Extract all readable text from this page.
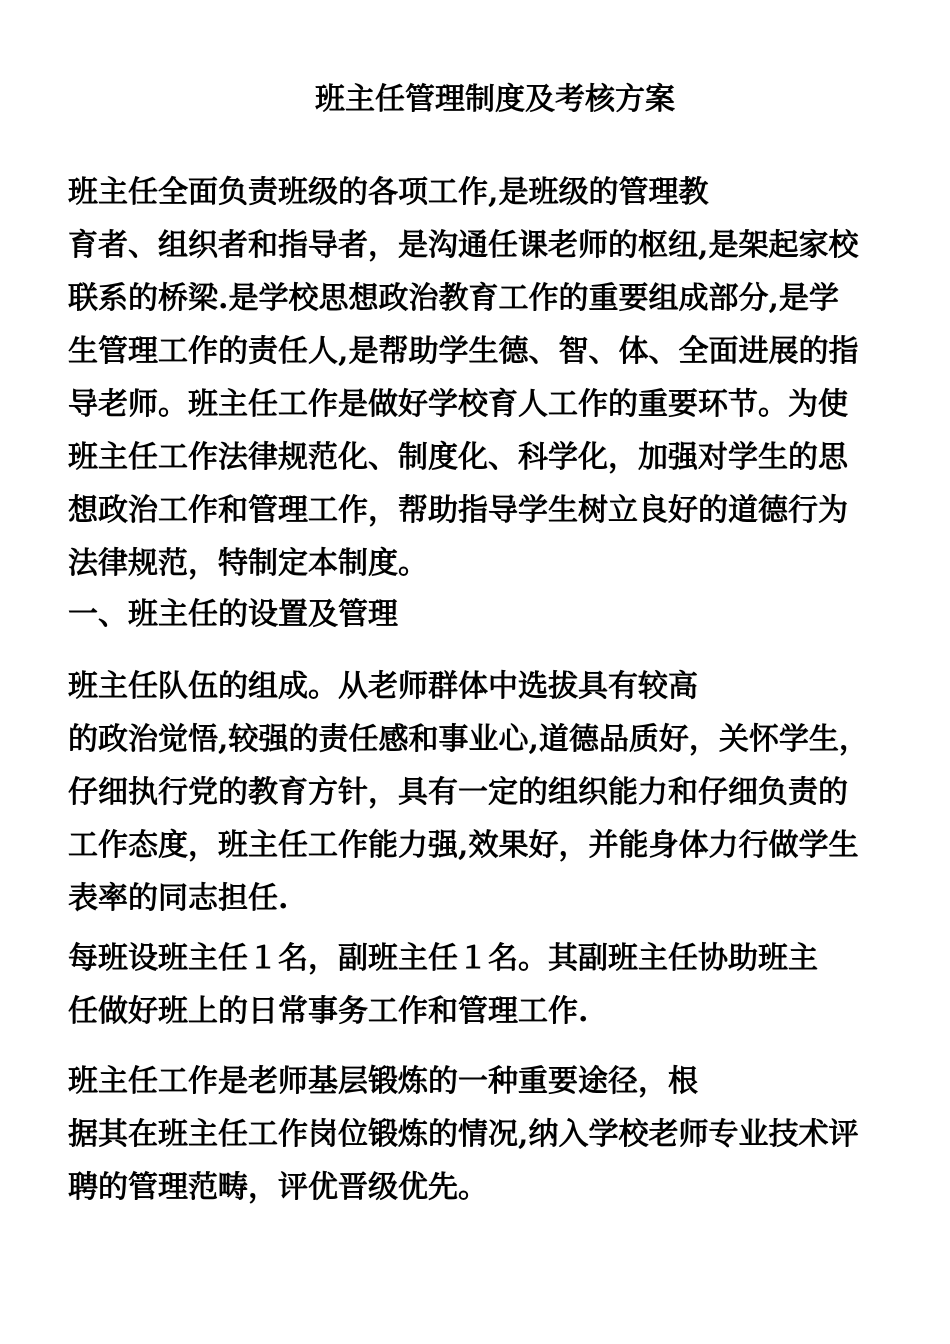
班主任管理制度及考核方案

班主任全面负责班级的各项工作,是班级的管理教
育者、组织者和指导者，是沟通任课老师的枢纽,是架起家校
联系的桥梁.是学校思想政治教育工作的重要组成部分,是学
生管理工作的责任人,是帮助学生德、智、体、全面进展的指
导老师。班主任工作是做好学校育人工作的重要环节。为使
班主任工作法律规范化、制度化、科学化，加强对学生的思
想政治工作和管理工作，帮助指导学生树立良好的道德行为
法律规范，特制定本制度。

一、班主任的设置及管理

班主任队伍的组成。从老师群体中选拔具有较高
的政治觉悟,较强的责任感和事业心,道德品质好，关怀学生，
仔细执行党的教育方针，具有一定的组织能力和仔细负责的
工作态度，班主任工作能力强,效果好，并能身体力行做学生
表率的同志担任.

每班设班主任１名，副班主任１名。其副班主任协助班主
任做好班上的日常事务工作和管理工作.

班主任工作是老师基层锻炼的一种重要途径，根
据其在班主任工作岗位锻炼的情况,纳入学校老师专业技术评
聘的管理范畴，评优晋级优先。
